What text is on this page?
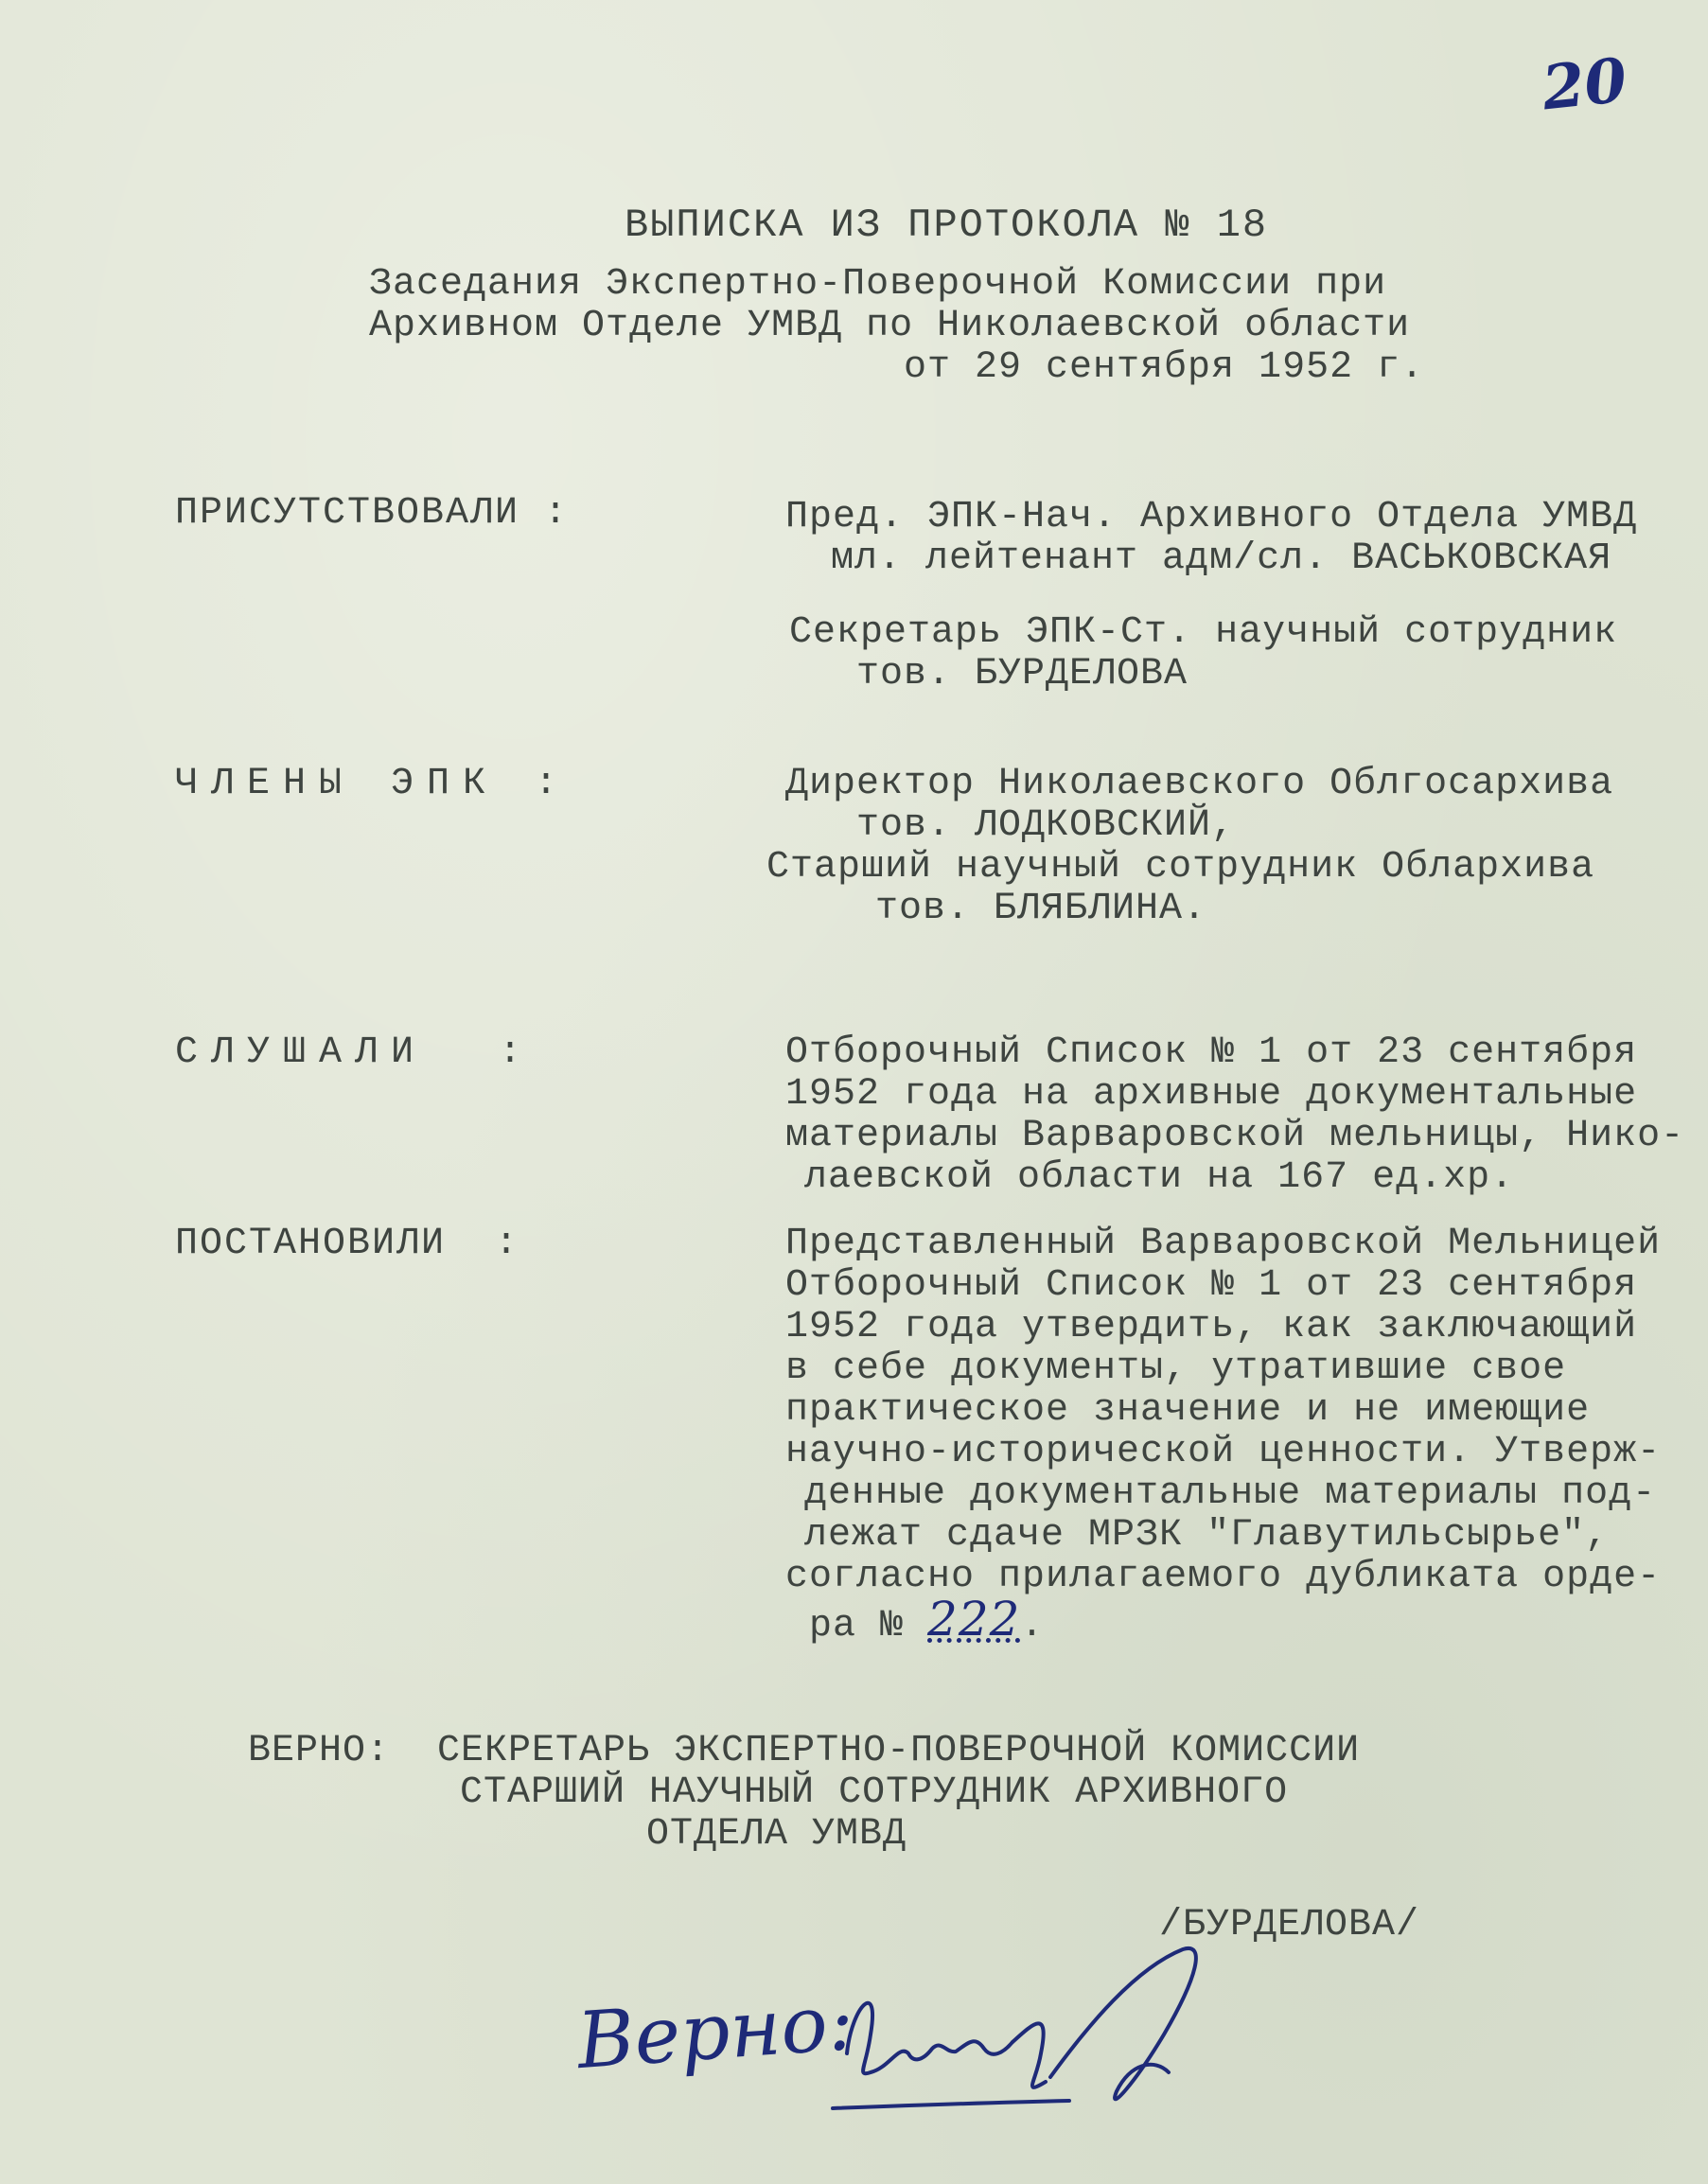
20
ВЫПИСКА ИЗ ПРОТОКОЛА № 18
Заседания Экспертно-Поверочной Комиссии при
Архивном Отделе УМВД по Николаевской области
от 29 сентября 1952 г.
ПРИСУТСТВОВАЛИ :	Пред. ЭПК-Нач. Архивного Отдела УМВД
мл. лейтенант адм/сл. ВАСЬКОВСКАЯ
Секретарь ЭПК-Ст. научный сотрудник
тов. БУРДЕЛОВА
ЧЛЕНЫ ЭПК :	Директор Николаевского Облгосархива
тов. ЛОДКОВСКИЙ,
Старший научный сотрудник Облархива
тов. БЛЯБЛИНА.
СЛУШАЛИ  :	Отборочный Список № 1 от 23 сентября
1952 года на архивные документальные
материалы Варваровской мельницы, Нико-
лаевской области на 167 ед.хр.
ПОСТАНОВИЛИ  :	Представленный Варваровской Мельницей
Отборочный Список № 1 от 23 сентября
1952 года утвердить, как заключающий
в себе документы, утратившие свое
практическое значение и не имеющие
научно-исторической ценности. Утверж-
денные документальные материалы под-
лежат сдаче МРЗК "Главутильсырье",
согласно прилагаемого дубликата орде-
ра № 222.
ВЕРНО:  СЕКРЕТАРЬ ЭКСПЕРТНО-ПОВЕРОЧНОЙ КОМИССИИ
СТАРШИЙ НАУЧНЫЙ СОТРУДНИК АРХИВНОГО
ОТДЕЛА УМВД
/БУРДЕЛОВА/
Верно:
